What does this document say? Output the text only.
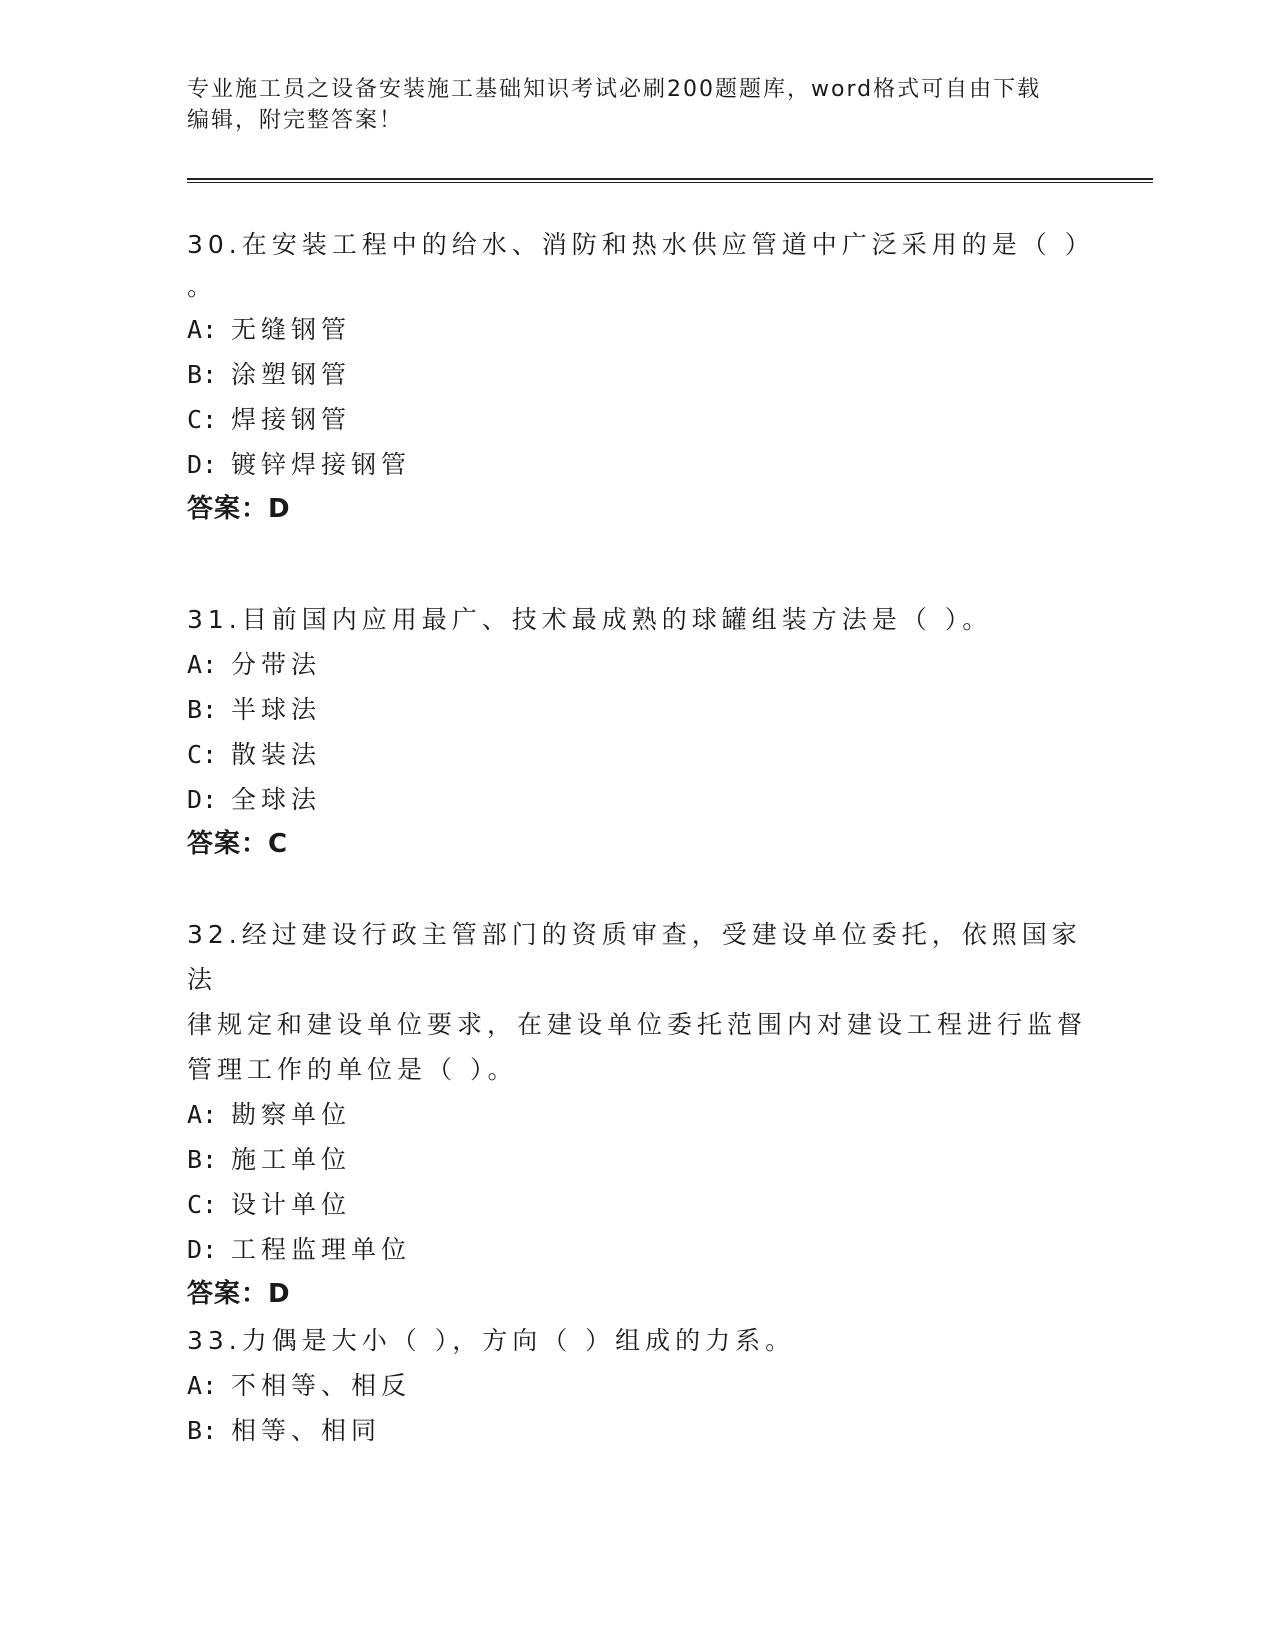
专业施工员之设备安装施工基础知识考试必刷200题题库，word格式可自由下载
编辑，附完整答案！

30.在安装工程中的给水、消防和热水供应管道中广泛采用的是（ ）

。

A: 无缝钢管

B: 涂塑钢管

C: 焊接钢管

D: 镀锌焊接钢管

答案：D

31.目前国内应用最广、技术最成熟的球罐组装方法是（ ）。

A: 分带法

B: 半球法

C: 散装法

D: 全球法

答案：C

32.经过建设行政主管部门的资质审查，受建设单位委托，依照国家法

律规定和建设单位要求，在建设单位委托范围内对建设工程进行监督

管理工作的单位是（ ）。

A: 勘察单位

B: 施工单位

C: 设计单位

D: 工程监理单位

答案：D

33.力偶是大小（ ），方向（ ）组成的力系。

A: 不相等、相反

B: 相等、相同
